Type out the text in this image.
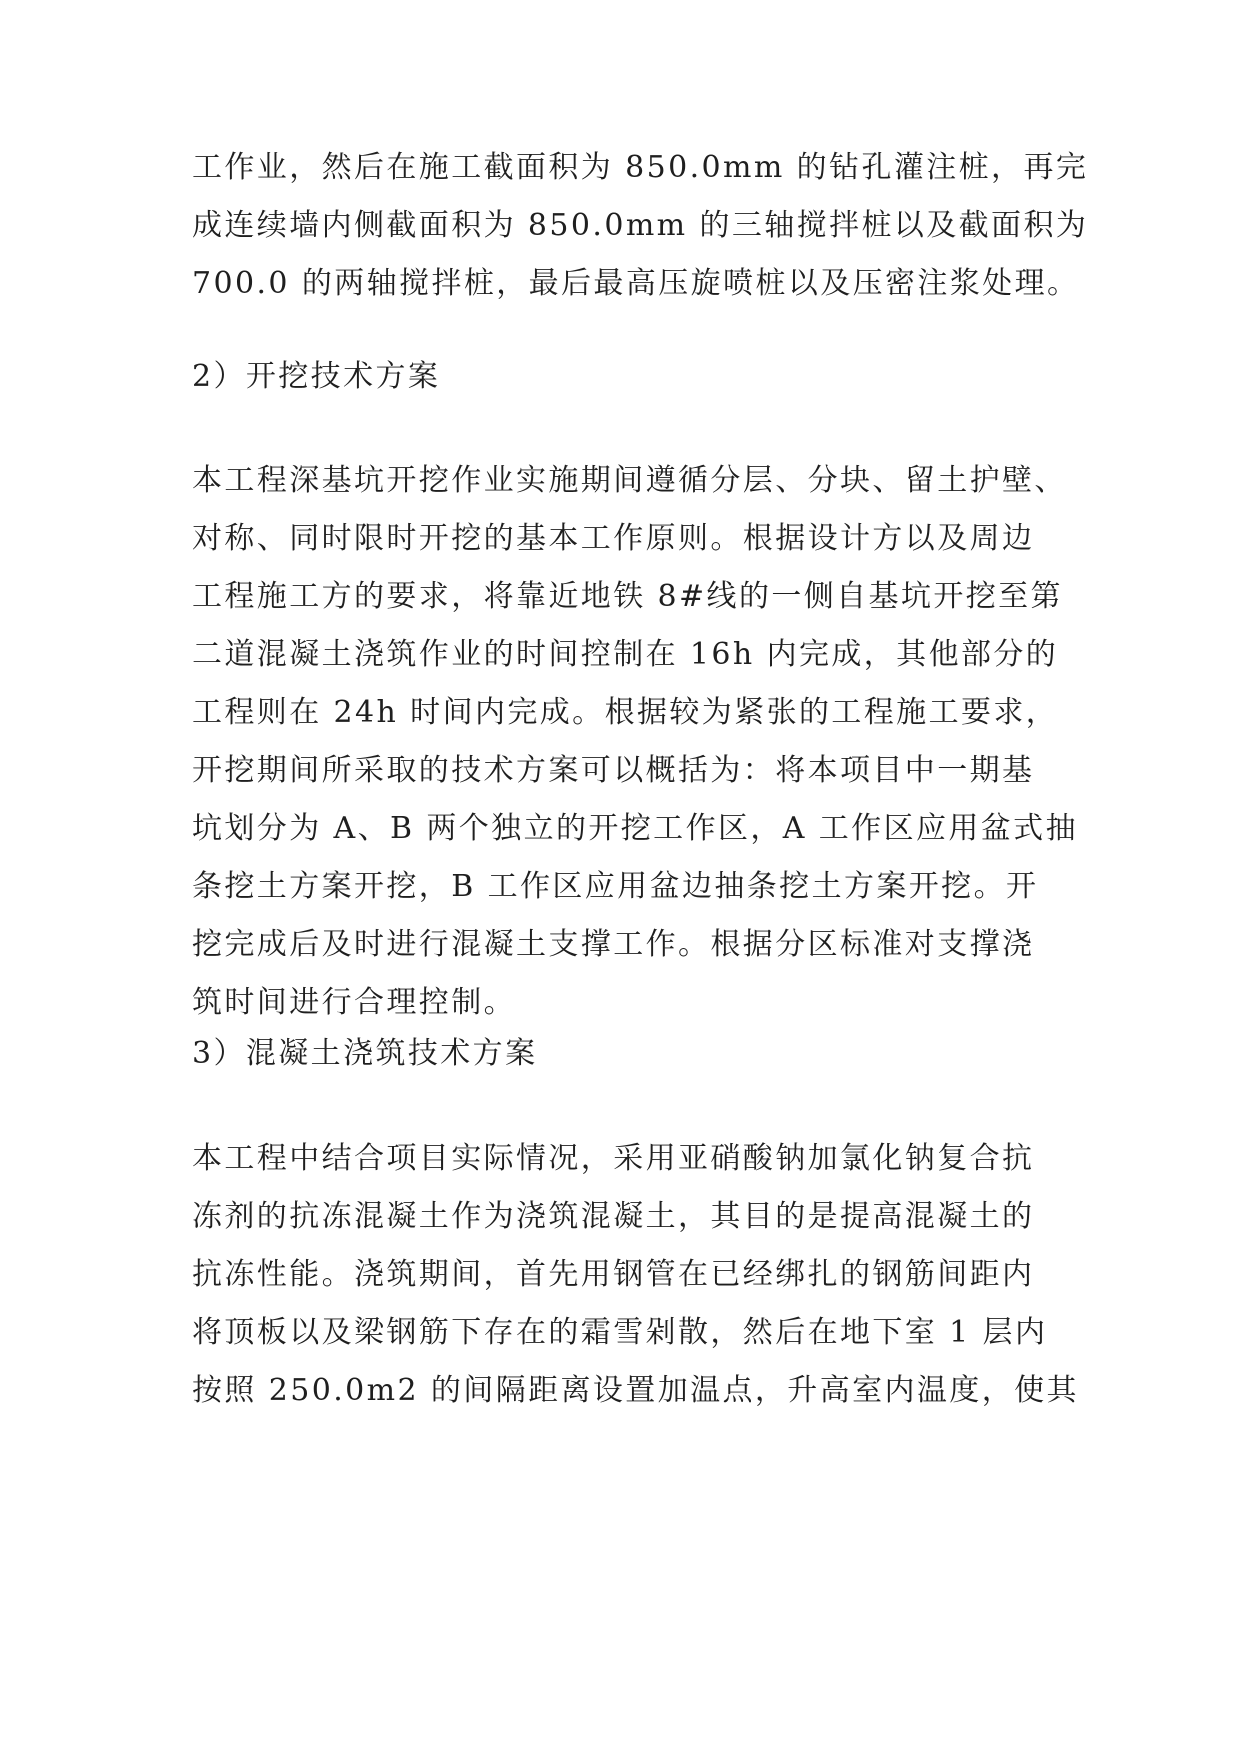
工作业，然后在施工截面积为 850.0mm 的钻孔灌注桩，再完
成连续墙内侧截面积为 850.0mm 的三轴搅拌桩以及截面积为
700.0 的两轴搅拌桩，最后最高压旋喷桩以及压密注浆处理。
2）开挖技术方案
本工程深基坑开挖作业实施期间遵循分层、分块、留土护壁、
对称、同时限时开挖的基本工作原则。根据设计方以及周边
工程施工方的要求，将靠近地铁 8#线的一侧自基坑开挖至第
二道混凝土浇筑作业的时间控制在 16h 内完成，其他部分的
工程则在 24h 时间内完成。根据较为紧张的工程施工要求，
开挖期间所采取的技术方案可以概括为：将本项目中一期基
坑划分为 A、B 两个独立的开挖工作区，A 工作区应用盆式抽
条挖土方案开挖，B 工作区应用盆边抽条挖土方案开挖。开
挖完成后及时进行混凝土支撑工作。根据分区标准对支撑浇
筑时间进行合理控制。
3）混凝土浇筑技术方案
本工程中结合项目实际情况，采用亚硝酸钠加氯化钠复合抗
冻剂的抗冻混凝土作为浇筑混凝土，其目的是提高混凝土的
抗冻性能。浇筑期间，首先用钢管在已经绑扎的钢筋间距内
将顶板以及梁钢筋下存在的霜雪剁散，然后在地下室 1 层内
按照 250.0m2 的间隔距离设置加温点，升高室内温度，使其
